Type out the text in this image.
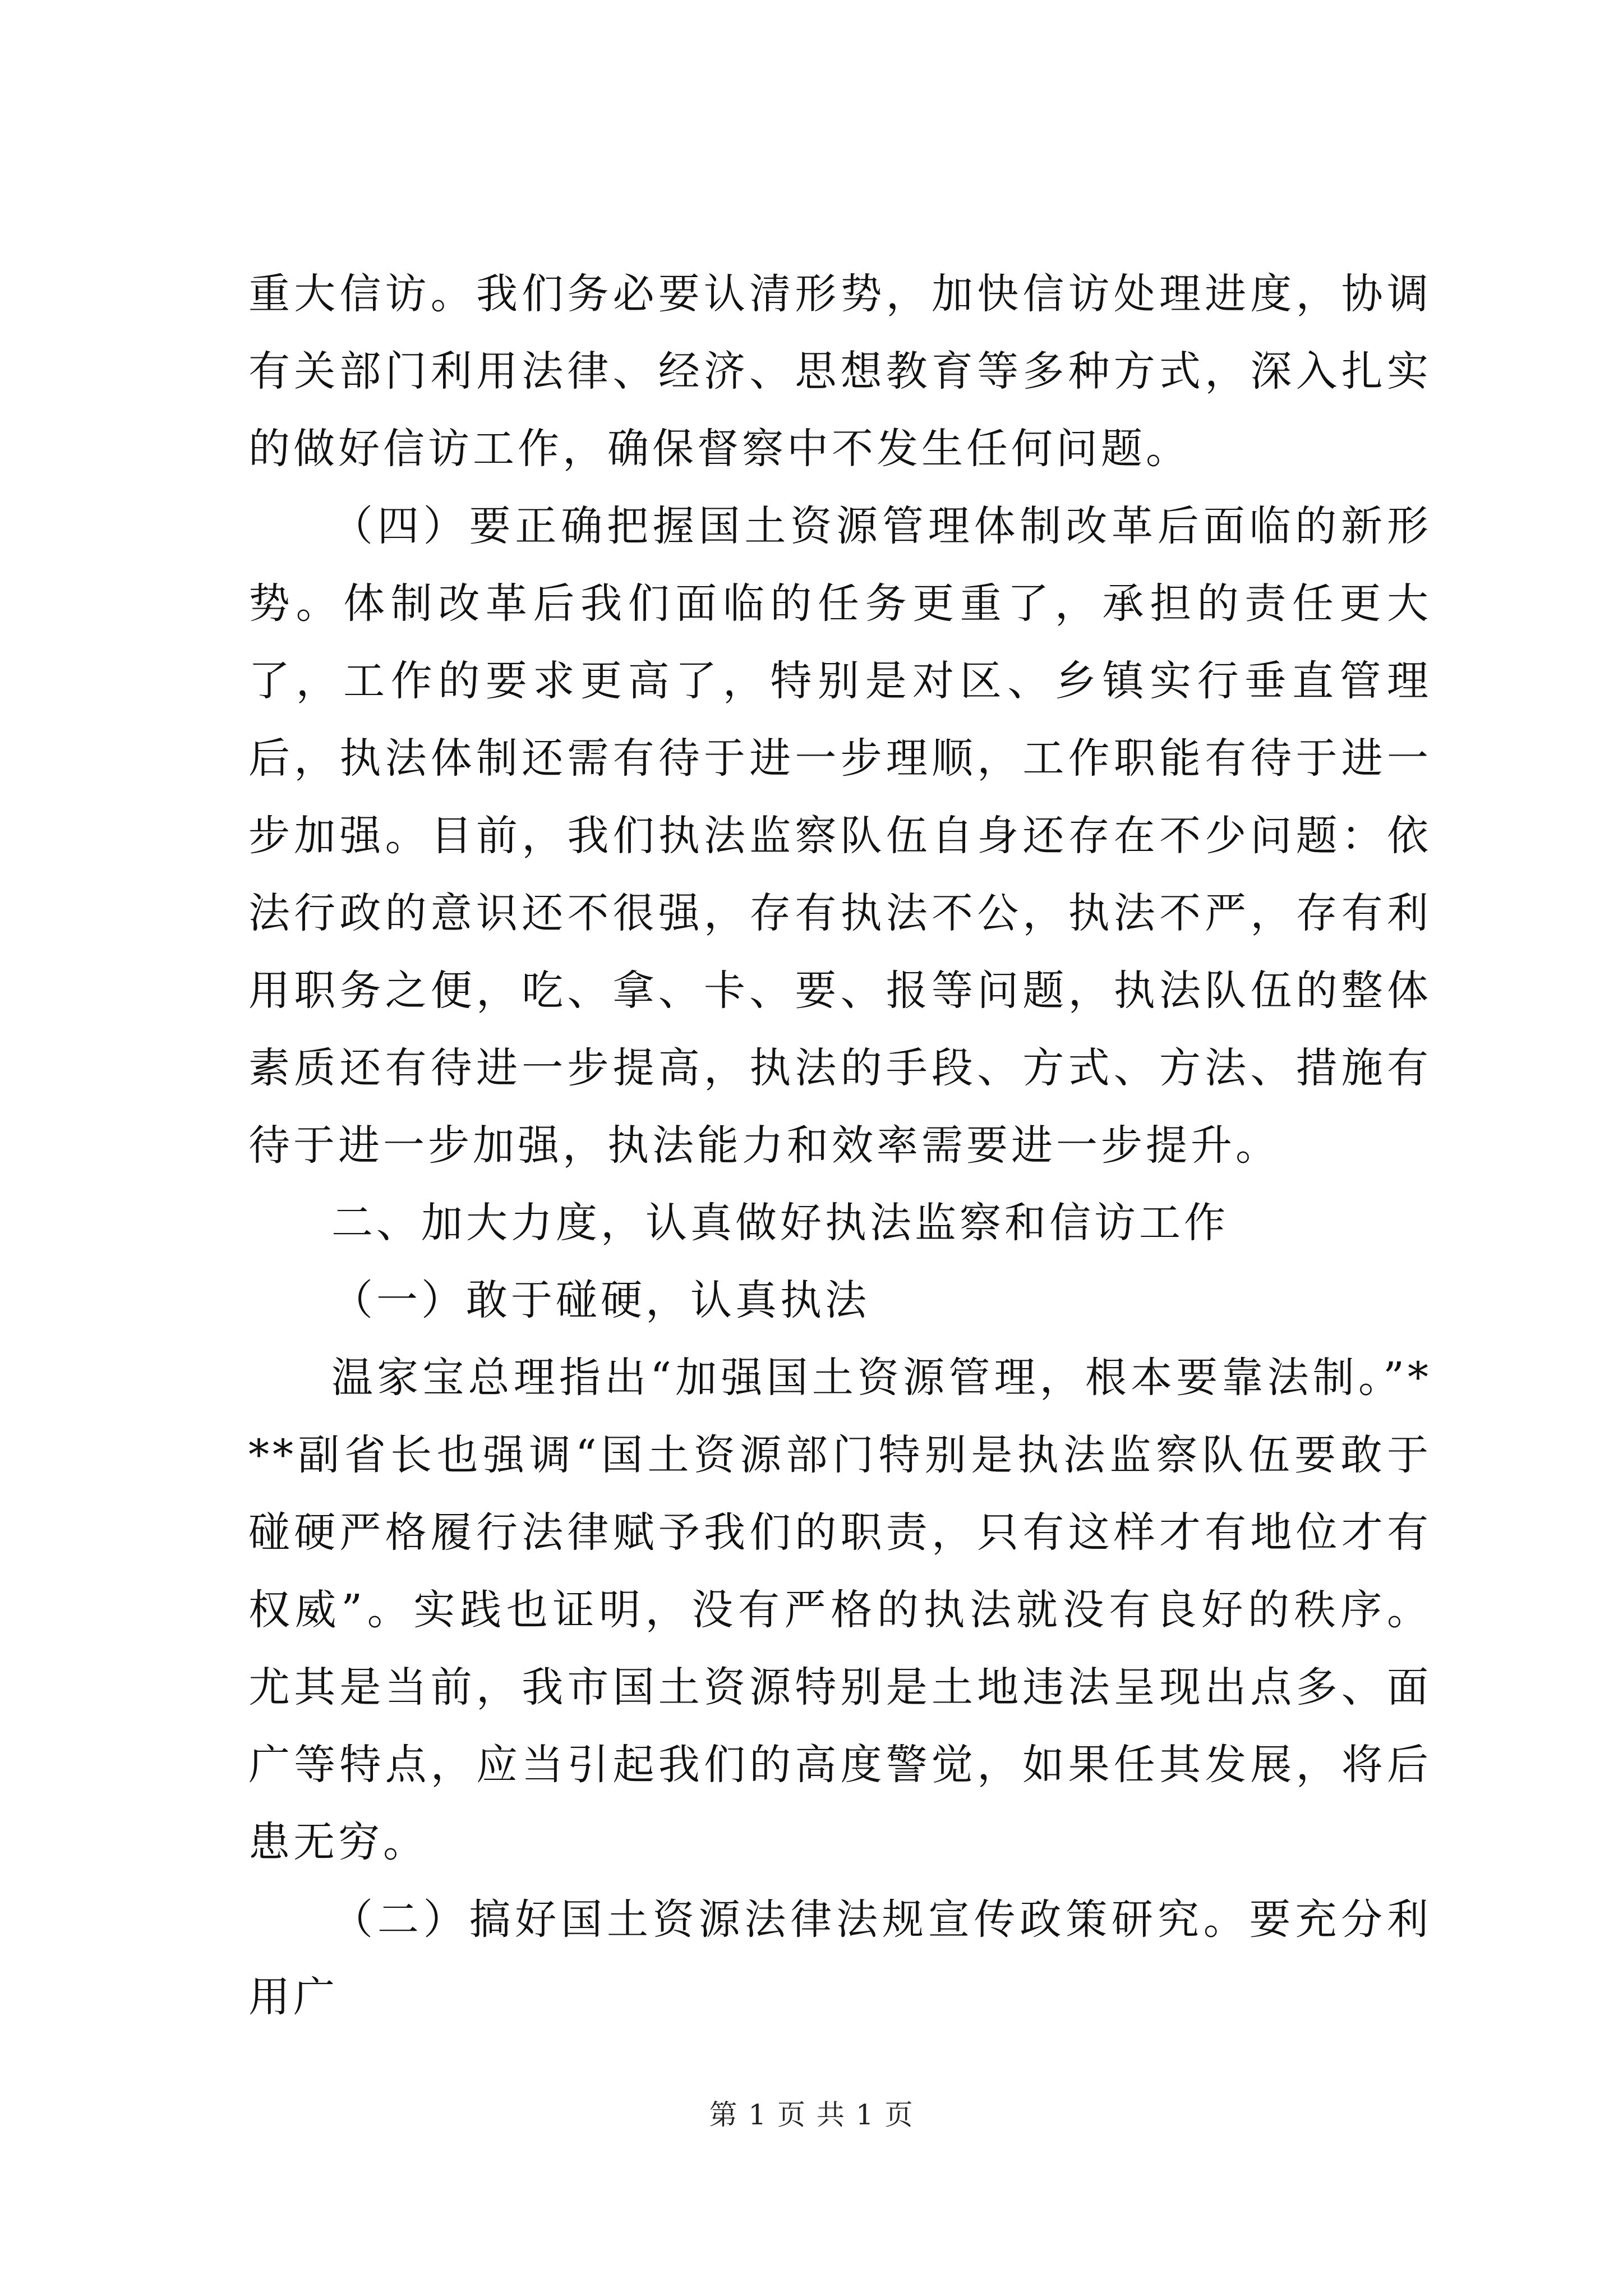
重大信访。我们务必要认清形势，加快信访处理进度，协调有关部门利用法律、经济、思想教育等多种方式，深入扎实的做好信访工作，确保督察中不发生任何问题。

（四）要正确把握国土资源管理体制改革后面临的新形势。体制改革后我们面临的任务更重了，承担的责任更大了，工作的要求更高了，特别是对区、乡镇实行垂直管理后，执法体制还需有待于进一步理顺，工作职能有待于进一步加强。目前，我们执法监察队伍自身还存在不少问题：依法行政的意识还不很强，存有执法不公，执法不严，存有利用职务之便，吃、拿、卡、要、报等问题，执法队伍的整体素质还有待进一步提高，执法的手段、方式、方法、措施有待于进一步加强，执法能力和效率需要进一步提升。

二、加大力度，认真做好执法监察和信访工作

（一）敢于碰硬，认真执法

温家宝总理指出“加强国土资源管理，根本要靠法制。”***副省长也强调“国土资源部门特别是执法监察队伍要敢于碰硬严格履行法律赋予我们的职责，只有这样才有地位才有权威”。实践也证明，没有严格的执法就没有良好的秩序。尤其是当前，我市国土资源特别是土地违法呈现出点多、面广等特点，应当引起我们的高度警觉，如果任其发展，将后患无穷。

（二）搞好国土资源法律法规宣传政策研究。要充分利用广

第 1 页 共 1 页
